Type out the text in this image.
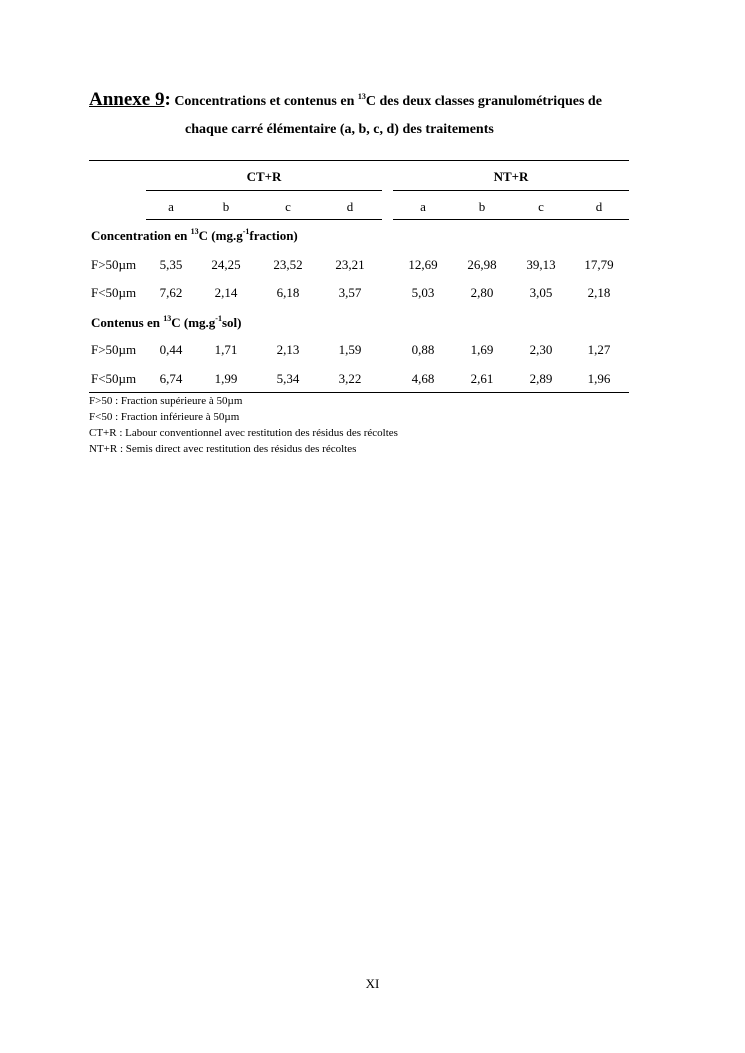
Annexe 9: Concentrations et contenus en $^{13}$C des deux classes granulométriques de
chaque carré élémentaire (a, b, c, d) des traitements
CT+R	NT+R
a	b	c	d	a	b	c	d
Concentration en $^{13}$C $(mg.g^{-1}fraction)$
F>50µm	5,35	24,25	23,52	23,21	12,69	26,98	39,13	17,79
F<50µm	7,62	2,14	6,18	3,57	5,03	2,80	3,05	2,18
Contenus en $^{13}$C $(mg.g^{-1}sol)$
F>50µm	0,44	1,71	2,13	1,59	0,88	1,69	2,30	1,27
F<50µm	6,74	1,99	5,34	3,22	4,68	2,61	2,89	1,96
F>50 : Fraction supérieure à 50µm
F<50 : Fraction inférieure à 50µm
CT+R : Labour conventionnel avec restitution des résidus des récoltes
NT+R : Semis direct avec restitution des résidus des récoltes
XI
